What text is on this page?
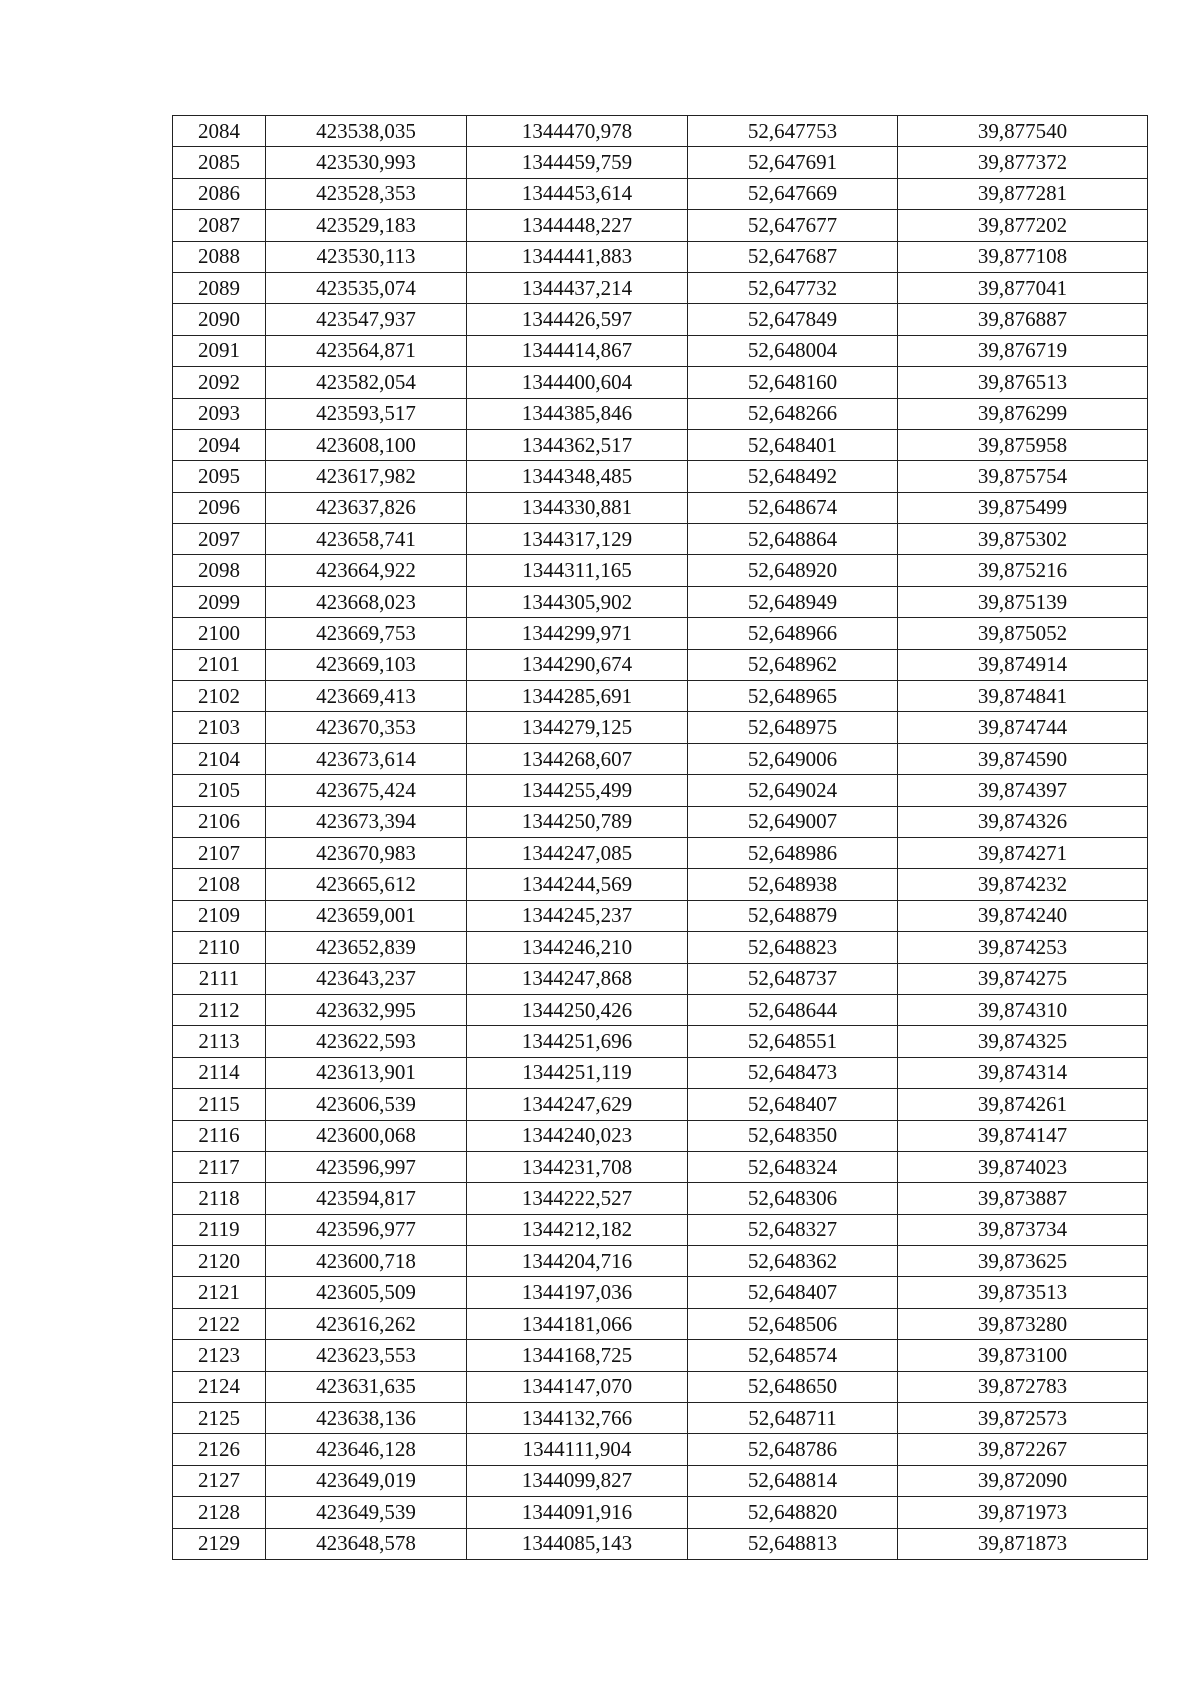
2084	423538,035	1344470,978	52,647753	39,877540
2085	423530,993	1344459,759	52,647691	39,877372
2086	423528,353	1344453,614	52,647669	39,877281
2087	423529,183	1344448,227	52,647677	39,877202
2088	423530,113	1344441,883	52,647687	39,877108
2089	423535,074	1344437,214	52,647732	39,877041
2090	423547,937	1344426,597	52,647849	39,876887
2091	423564,871	1344414,867	52,648004	39,876719
2092	423582,054	1344400,604	52,648160	39,876513
2093	423593,517	1344385,846	52,648266	39,876299
2094	423608,100	1344362,517	52,648401	39,875958
2095	423617,982	1344348,485	52,648492	39,875754
2096	423637,826	1344330,881	52,648674	39,875499
2097	423658,741	1344317,129	52,648864	39,875302
2098	423664,922	1344311,165	52,648920	39,875216
2099	423668,023	1344305,902	52,648949	39,875139
2100	423669,753	1344299,971	52,648966	39,875052
2101	423669,103	1344290,674	52,648962	39,874914
2102	423669,413	1344285,691	52,648965	39,874841
2103	423670,353	1344279,125	52,648975	39,874744
2104	423673,614	1344268,607	52,649006	39,874590
2105	423675,424	1344255,499	52,649024	39,874397
2106	423673,394	1344250,789	52,649007	39,874326
2107	423670,983	1344247,085	52,648986	39,874271
2108	423665,612	1344244,569	52,648938	39,874232
2109	423659,001	1344245,237	52,648879	39,874240
2110	423652,839	1344246,210	52,648823	39,874253
2111	423643,237	1344247,868	52,648737	39,874275
2112	423632,995	1344250,426	52,648644	39,874310
2113	423622,593	1344251,696	52,648551	39,874325
2114	423613,901	1344251,119	52,648473	39,874314
2115	423606,539	1344247,629	52,648407	39,874261
2116	423600,068	1344240,023	52,648350	39,874147
2117	423596,997	1344231,708	52,648324	39,874023
2118	423594,817	1344222,527	52,648306	39,873887
2119	423596,977	1344212,182	52,648327	39,873734
2120	423600,718	1344204,716	52,648362	39,873625
2121	423605,509	1344197,036	52,648407	39,873513
2122	423616,262	1344181,066	52,648506	39,873280
2123	423623,553	1344168,725	52,648574	39,873100
2124	423631,635	1344147,070	52,648650	39,872783
2125	423638,136	1344132,766	52,648711	39,872573
2126	423646,128	1344111,904	52,648786	39,872267
2127	423649,019	1344099,827	52,648814	39,872090
2128	423649,539	1344091,916	52,648820	39,871973
2129	423648,578	1344085,143	52,648813	39,871873
